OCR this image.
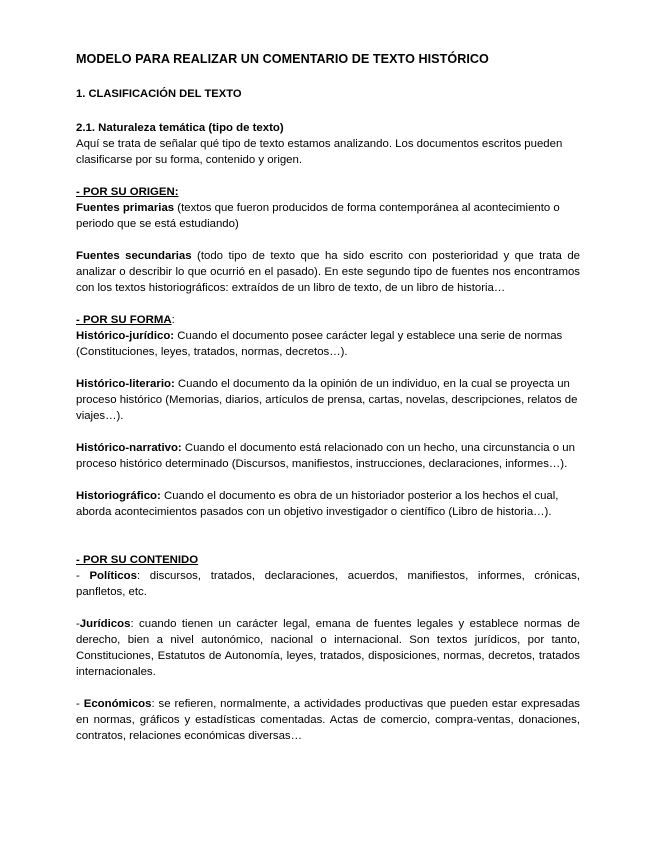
MODELO PARA REALIZAR UN COMENTARIO DE TEXTO HISTÓRICO
1. CLASIFICACIÓN DEL TEXTO
2.1. Naturaleza temática (tipo de texto)

Aquí se trata de señalar qué tipo de texto estamos analizando. Los documentos escritos pueden clasificarse por su forma, contenido y origen.

- POR SU ORIGEN:

Fuentes primarias (textos que fueron producidos de forma contemporánea al acontecimiento o periodo que se está estudiando)

Fuentes secundarias (todo tipo de texto que ha sido escrito con posterioridad y que trata de analizar o describir lo que ocurrió en el pasado). En este segundo tipo de fuentes nos encontramos con los textos historiográficos: extraídos de un libro de texto, de un libro de historia…

- POR SU FORMA:

Histórico-jurídico: Cuando el documento posee carácter legal y establece una serie de normas (Constituciones, leyes, tratados, normas, decretos…).

Histórico-literario: Cuando el documento da la opinión de un individuo, en la cual se proyecta un proceso histórico (Memorias, diarios, artículos de prensa, cartas, novelas, descripciones, relatos de viajes…).

Histórico-narrativo: Cuando el documento está relacionado con un hecho, una circunstancia o un proceso histórico determinado (Discursos, manifiestos, instrucciones, declaraciones, informes…).

Historiográfico: Cuando el documento es obra de un historiador posterior a los hechos el cual, aborda acontecimientos pasados con un objetivo investigador o científico (Libro de historia…).

- POR SU CONTENIDO

- Políticos: discursos, tratados, declaraciones, acuerdos, manifiestos, informes, crónicas, panfletos, etc.

-Jurídicos: cuando tienen un carácter legal, emana de fuentes legales y establece normas de derecho, bien a nivel autonómico, nacional o internacional. Son textos jurídicos, por tanto, Constituciones, Estatutos de Autonomía, leyes, tratados, disposiciones, normas, decretos, tratados internacionales.

- Económicos: se refieren, normalmente, a actividades productivas que pueden estar expresadas en normas, gráficos y estadísticas comentadas. Actas de comercio, compra-ventas, donaciones, contratos, relaciones económicas diversas…
